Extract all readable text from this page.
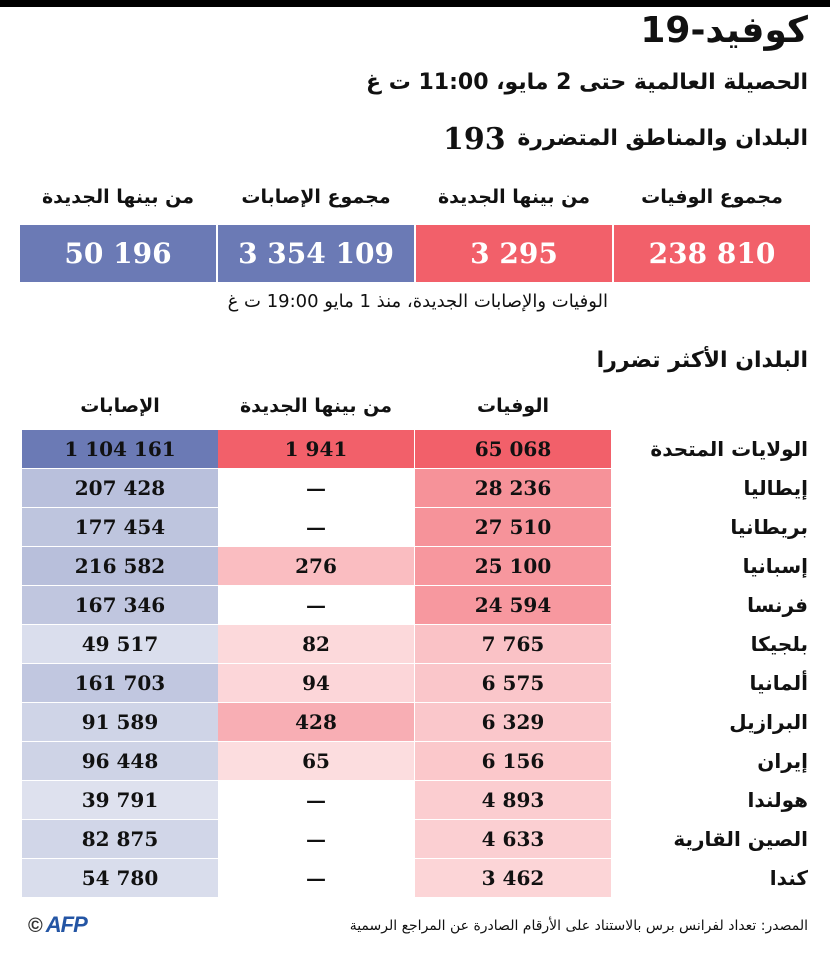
كوفيد-19
الحصيلة العالمية حتى 2 مايو، 11:00 ت غ
البلدان والمناطق المتضررة
193
مجموع الوفيات
من بينها الجديدة
مجموع الإصابات
من بينها الجديدة
238 810
3 295
3 354 109
50 196
الوفيات والإصابات الجديدة، منذ 1 مايو 19:00 ت غ
البلدان الأكثر تضررا
الوفيات
من بينها الجديدة
الإصابات
الولايات المتحدة
65 068
1 941
1 104 161
إيطاليا
28 236
—
207 428
بريطانيا
27 510
—
177 454
إسبانيا
25 100
276
216 582
فرنسا
24 594
—
167 346
بلجيكا
7 765
82
49 517
ألمانيا
6 575
94
161 703
البرازيل
6 329
428
91 589
إيران
6 156
65
96 448
هولندا
4 893
—
39 791
الصين القارية
4 633
—
82 875
كندا
3 462
—
54 780
المصدر: تعداد لفرانس برس بالاستناد على الأرقام الصادرة عن المراجع الرسمية
© AFP
